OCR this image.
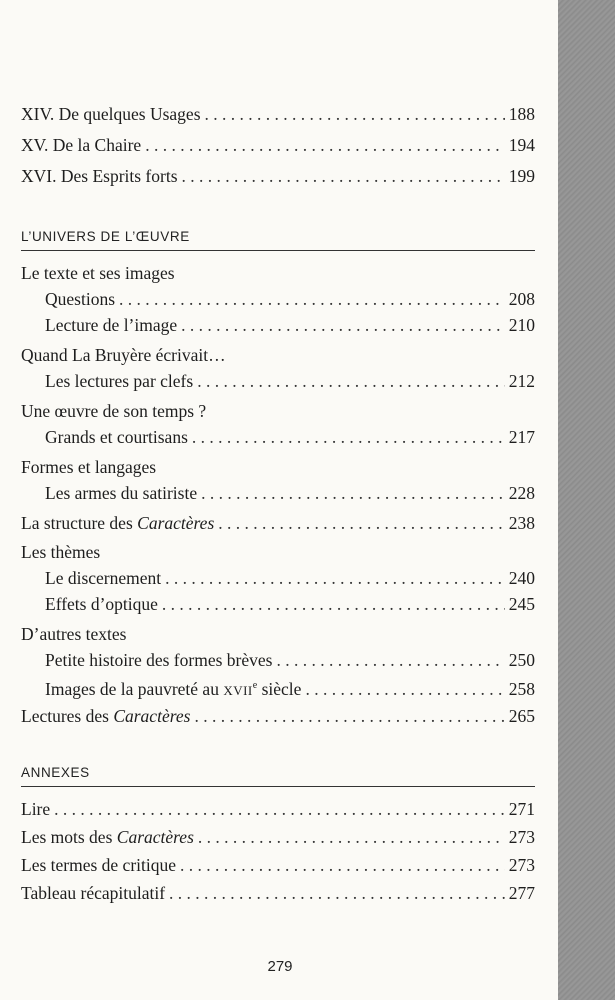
XIV. De quelques Usages . . .	188
XV. De la Chaire . . .	194
XVI. Des Esprits forts . . .	199
L’UNIVERS DE L’ŒUVRE
Le texte et ses images
Questions . . .	208
Lecture de l’image . . .	210
Quand La Bruyère écrivait…
Les lectures par clefs . . .	212
Une œuvre de son temps ?
Grands et courtisans . . .	217
Formes et langages
Les armes du satiriste . . .	228
La structure des Caractères . . .	238
Les thèmes
Le discernement . . .	240
Effets d’optique . . .	245
D’autres textes
Petite histoire des formes brèves . . .	250
Images de la pauvreté au XVIIe siècle . . .	258
Lectures des Caractères . . .	265
ANNEXES
Lire . . .	271
Les mots des Caractères . . .	273
Les termes de critique . . .	273
Tableau récapitulatif . . .	277
279
